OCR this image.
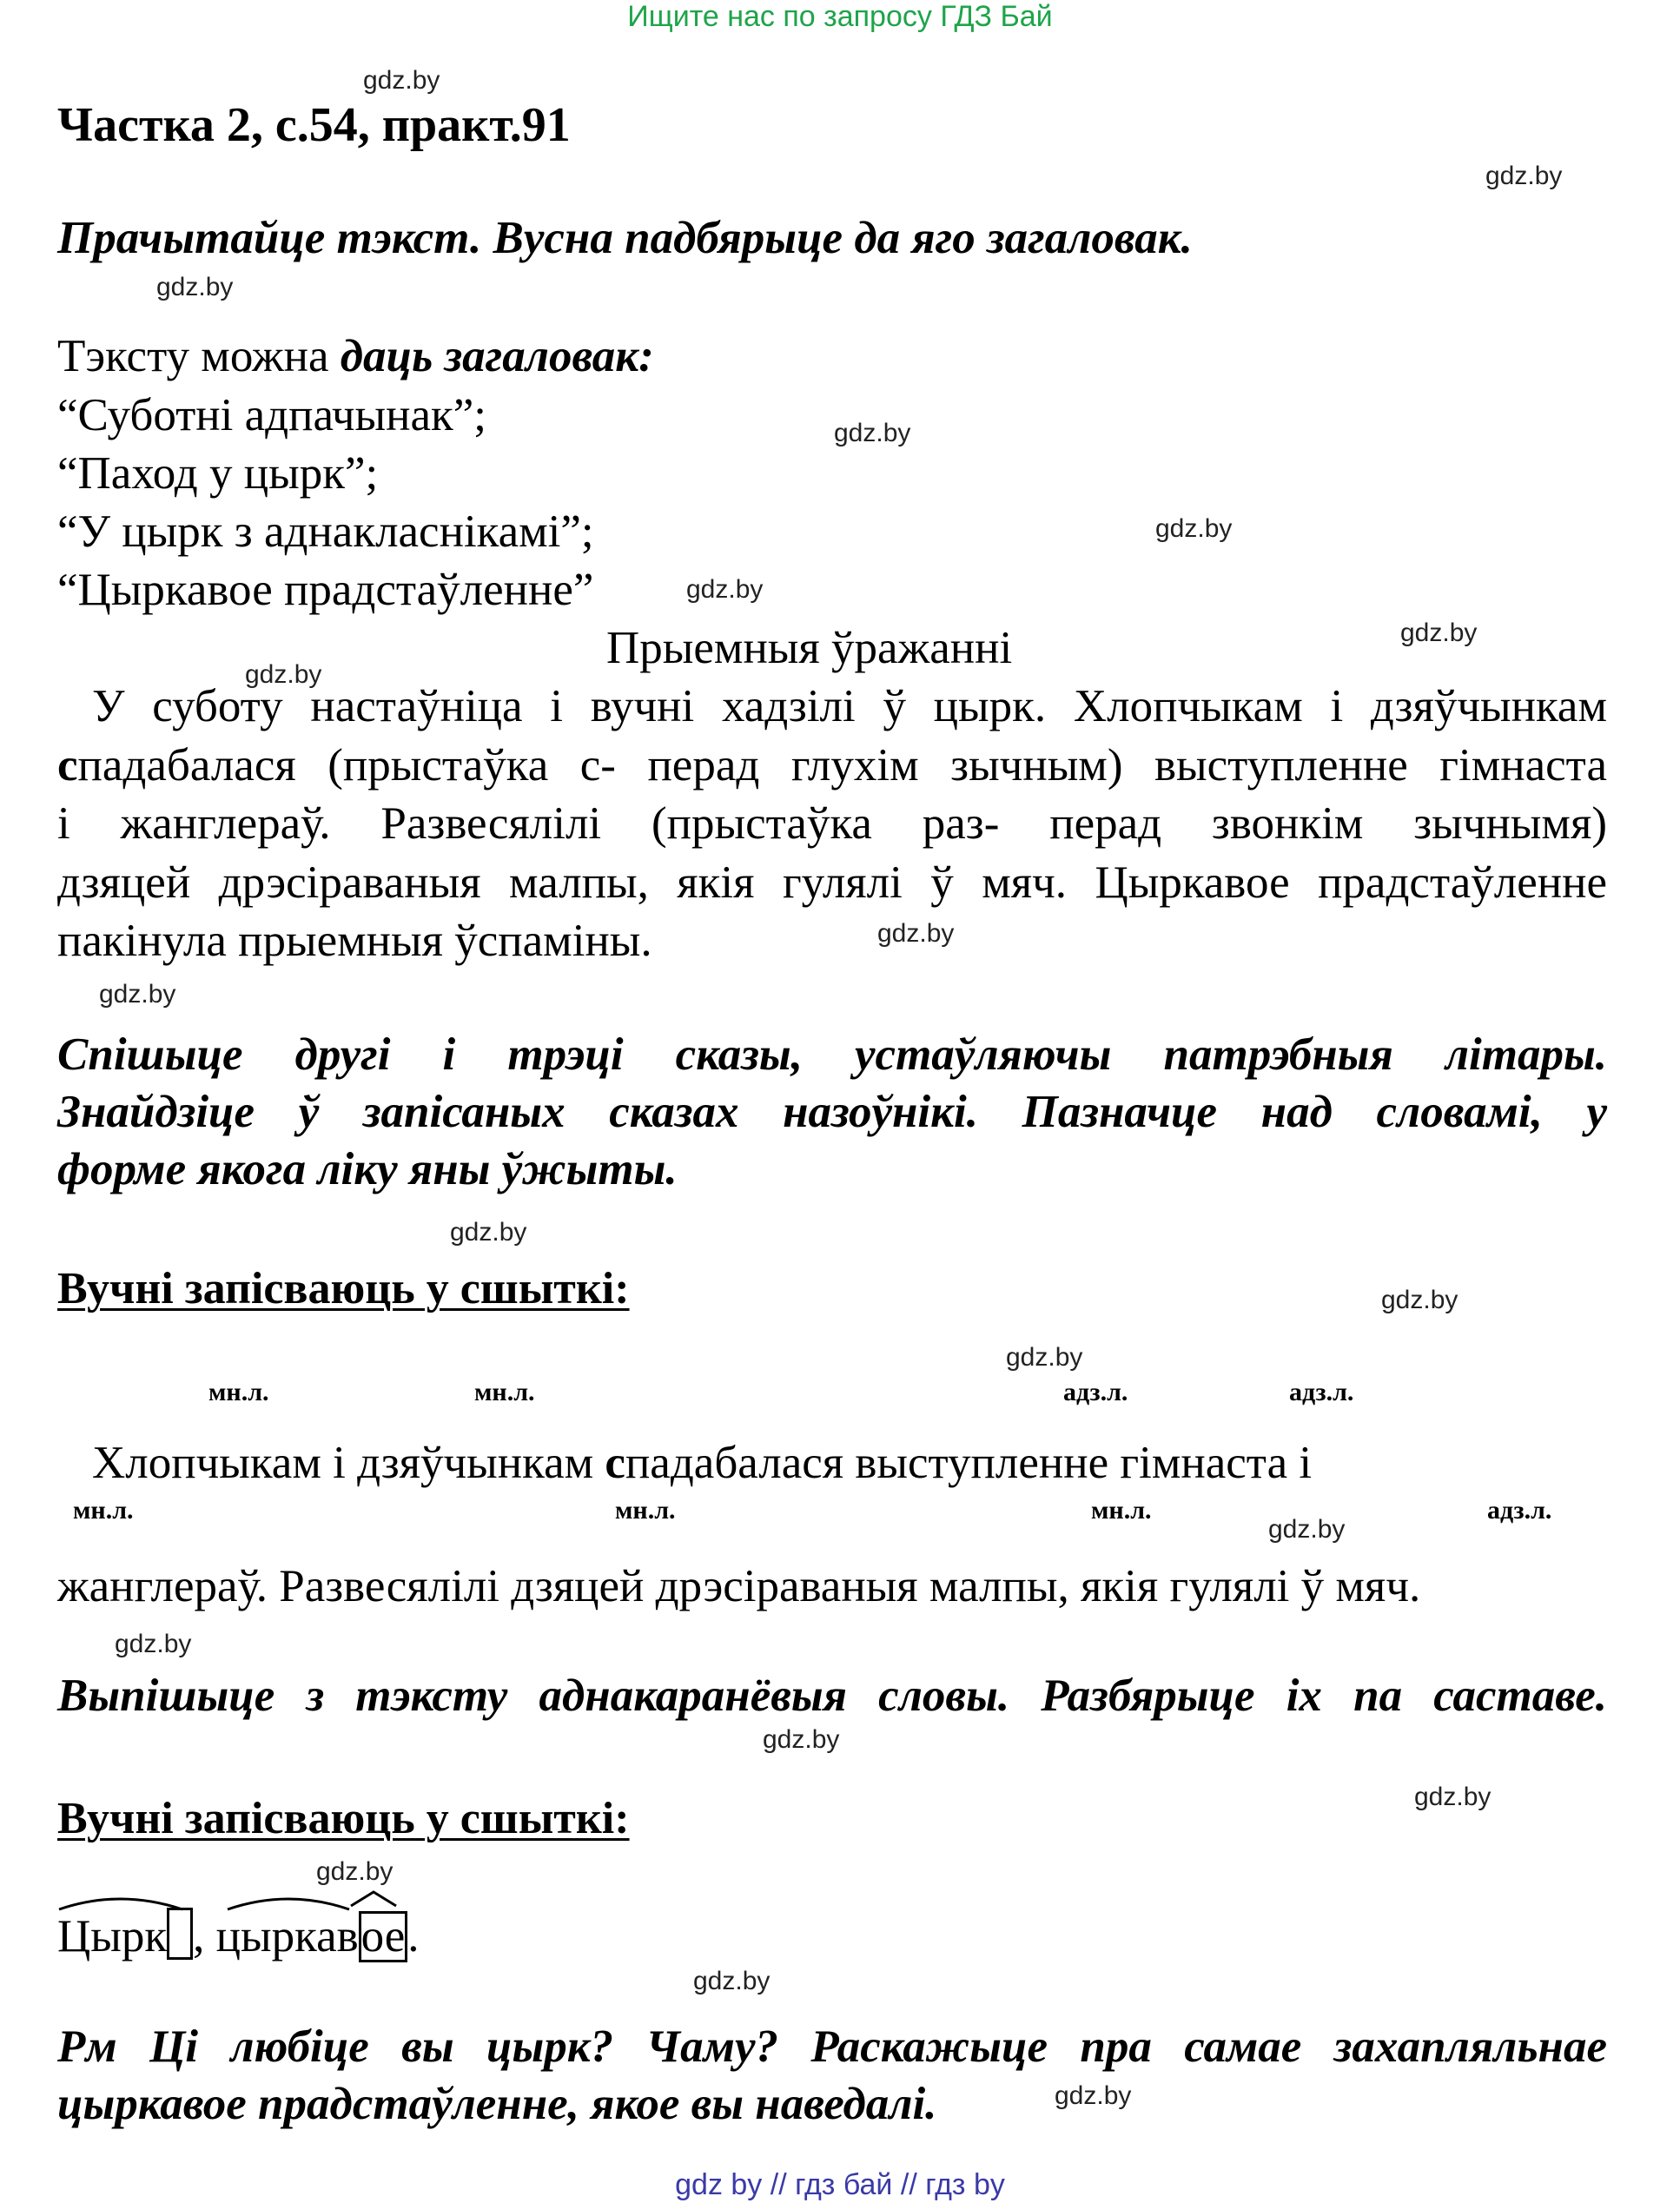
Ищите нас по запросу ГДЗ Бай
Частка 2, с.54, практ.91
gdz.by
gdz.by
gdz.by
gdz.by
gdz.by
gdz.by
gdz.by
gdz.by
gdz.by
gdz.by
gdz.by
gdz.by
gdz.by
gdz.by
gdz.by
gdz.by
gdz.by
gdz.by
gdz.by
gdz.by
Прачытайце тэкст. Вусна падбярыце да яго загаловак.
Тэксту можна даць загаловак:
“Суботні адпачынак”;
“Паход у цырк”;
“У цырк з аднакласнікамі”;
“Цыркавое прадстаўленне”
Прыемныя ўражанні
У суботу настаўніца і вучні хадзілі ў цырк. Хлопчыкам і дзяўчынкам
спадабалася (прыстаўка с- перад глухім зычным) выступленне гімнаста
і жанглераў. Развесялілі (прыстаўка раз- перад звонкім зычнымя)
дзяцей дрэсіраваныя малпы, якія гулялі ў мяч. Цыркавое прадстаўленне
пакінула прыемныя ўспаміны.
Спішыце другі і трэці сказы, устаўляючы патрэбныя літары.
Знайдзіце ў запісаных сказах назоўнікі. Пазначце над словамі, у
форме якога ліку яны ўжыты.
Вучні запісваюць у сшыткі:
мн.л.	мн.л.	адз.л.	адз.л.
Хлопчыкам і дзяўчынкам спадабалася выступленне гімнаста і
мн.л.	мн.л.	мн.л.	адз.л.
жанглераў. Развесялілі дзяцей дрэсіраваныя малпы, якія гулялі ў мяч.
Выпішыце з тэксту аднакаранёвыя словы. Разбярыце іх па саставе.
Вучні запісваюць у сшыткі:
Цырк , цыркавое.
Рм Ці любіце вы цырк? Чаму? Раскажыце пра самае захапляльнае
цыркавое прадстаўленне, якое вы наведалі.
gdz by // гдз бай // гдз by
